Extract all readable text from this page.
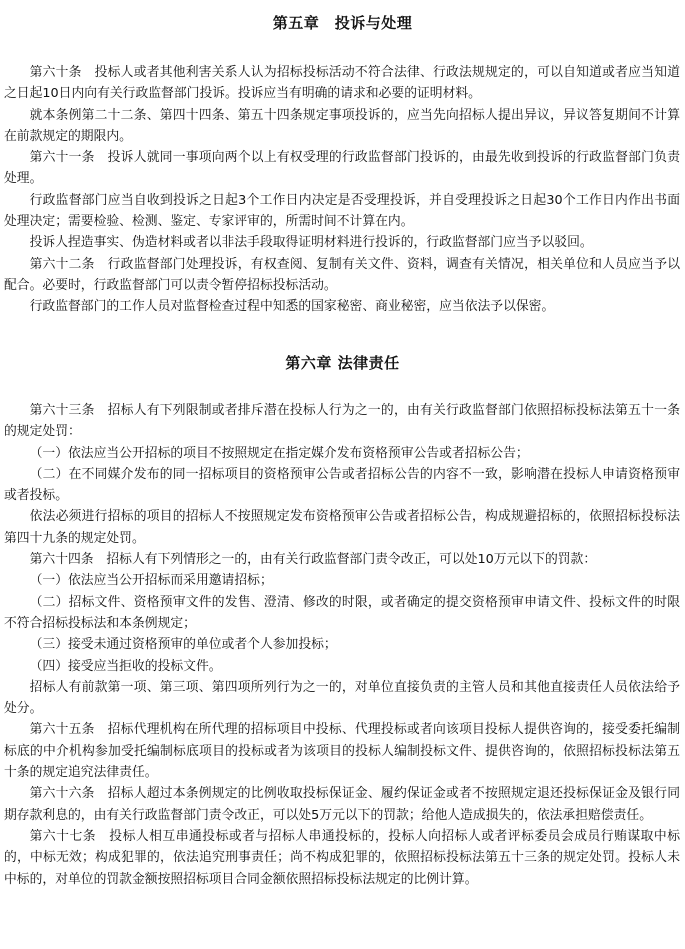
第五章　投诉与处理

第六十条　投标人或者其他利害关系人认为招标投标活动不符合法律、行政法规规定的，可以自知道或者应当知道之日起10日内向有关行政监督部门投诉。投诉应当有明确的请求和必要的证明材料。

就本条例第二十二条、第四十四条、第五十四条规定事项投诉的，应当先向招标人提出异议，异议答复期间不计算在前款规定的期限内。

第六十一条　投诉人就同一事项向两个以上有权受理的行政监督部门投诉的，由最先收到投诉的行政监督部门负责处理。

行政监督部门应当自收到投诉之日起3个工作日内决定是否受理投诉，并自受理投诉之日起30个工作日内作出书面处理决定；需要检验、检测、鉴定、专家评审的，所需时间不计算在内。

投诉人捏造事实、伪造材料或者以非法手段取得证明材料进行投诉的，行政监督部门应当予以驳回。

第六十二条　行政监督部门处理投诉，有权查阅、复制有关文件、资料，调查有关情况，相关单位和人员应当予以配合。必要时，行政监督部门可以责令暂停招标投标活动。

行政监督部门的工作人员对监督检查过程中知悉的国家秘密、商业秘密，应当依法予以保密。

第六章 法律责任

第六十三条　招标人有下列限制或者排斥潜在投标人行为之一的，由有关行政监督部门依照招标投标法第五十一条的规定处罚：

（一）依法应当公开招标的项目不按照规定在指定媒介发布资格预审公告或者招标公告；

（二）在不同媒介发布的同一招标项目的资格预审公告或者招标公告的内容不一致，影响潜在投标人申请资格预审或者投标。

依法必须进行招标的项目的招标人不按照规定发布资格预审公告或者招标公告，构成规避招标的，依照招标投标法第四十九条的规定处罚。

第六十四条　招标人有下列情形之一的，由有关行政监督部门责令改正，可以处10万元以下的罚款：

（一）依法应当公开招标而采用邀请招标；

（二）招标文件、资格预审文件的发售、澄清、修改的时限，或者确定的提交资格预审申请文件、投标文件的时限不符合招标投标法和本条例规定；

（三）接受未通过资格预审的单位或者个人参加投标；

（四）接受应当拒收的投标文件。

招标人有前款第一项、第三项、第四项所列行为之一的，对单位直接负责的主管人员和其他直接责任人员依法给予处分。

第六十五条　招标代理机构在所代理的招标项目中投标、代理投标或者向该项目投标人提供咨询的，接受委托编制标底的中介机构参加受托编制标底项目的投标或者为该项目的投标人编制投标文件、提供咨询的，依照招标投标法第五十条的规定追究法律责任。

第六十六条　招标人超过本条例规定的比例收取投标保证金、履约保证金或者不按照规定退还投标保证金及银行同期存款利息的，由有关行政监督部门责令改正，可以处5万元以下的罚款；给他人造成损失的，依法承担赔偿责任。

第六十七条　投标人相互串通投标或者与招标人串通投标的，投标人向招标人或者评标委员会成员行贿谋取中标的，中标无效；构成犯罪的，依法追究刑事责任；尚不构成犯罪的，依照招标投标法第五十三条的规定处罚。投标人未中标的，对单位的罚款金额按照招标项目合同金额依照招标投标法规定的比例计算。
